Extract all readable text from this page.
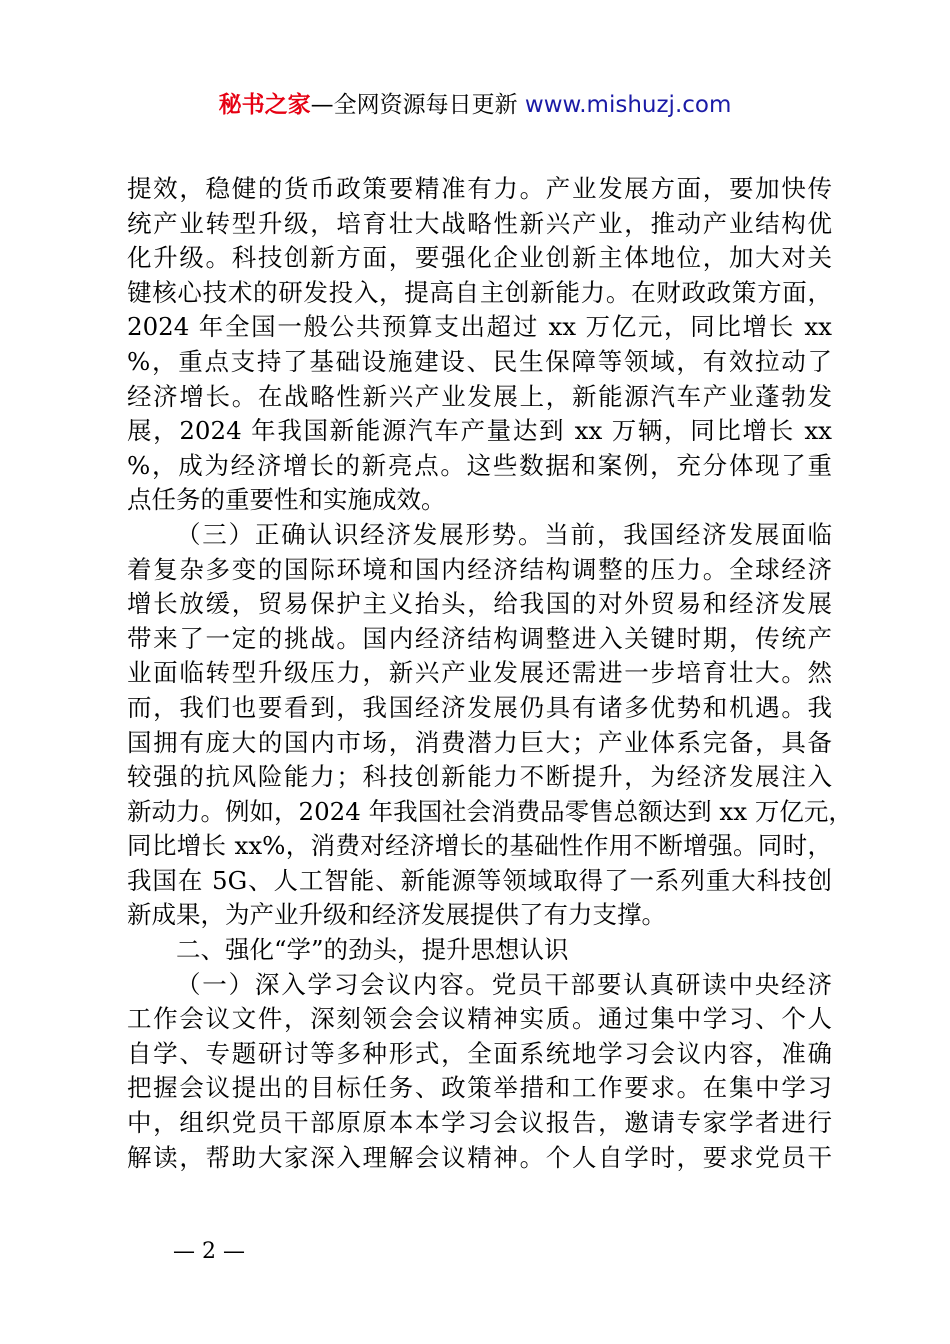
秘书之家—全网资源每日更新 www.mishuzj.com
提效，稳健的货币政策要精准有力。产业发展方面，要加快传
统产业转型升级，培育壮大战略性新兴产业，推动产业结构优
化升级。科技创新方面，要强化企业创新主体地位，加大对关
键核心技术的研发投入，提高自主创新能力。在财政政策方面，
2024 年全国一般公共预算支出超过 xx 万亿元，同比增长 xx
%，重点支持了基础设施建设、民生保障等领域，有效拉动了
经济增长。在战略性新兴产业发展上，新能源汽车产业蓬勃发
展，2024 年我国新能源汽车产量达到 xx 万辆，同比增长 xx
%，成为经济增长的新亮点。这些数据和案例，充分体现了重
点任务的重要性和实施成效。
（三）正确认识经济发展形势。当前，我国经济发展面临
着复杂多变的国际环境和国内经济结构调整的压力。全球经济
增长放缓，贸易保护主义抬头，给我国的对外贸易和经济发展
带来了一定的挑战。国内经济结构调整进入关键时期，传统产
业面临转型升级压力，新兴产业发展还需进一步培育壮大。然
而，我们也要看到，我国经济发展仍具有诸多优势和机遇。我
国拥有庞大的国内市场，消费潜力巨大；产业体系完备，具备
较强的抗风险能力；科技创新能力不断提升，为经济发展注入
新动力。例如，2024 年我国社会消费品零售总额达到 xx 万亿元，
同比增长 xx%，消费对经济增长的基础性作用不断增强。同时，
我国在 5G、人工智能、新能源等领域取得了一系列重大科技创
新成果，为产业升级和经济发展提供了有力支撑。
二、强化“学”的劲头，提升思想认识
（一）深入学习会议内容。党员干部要认真研读中央经济
工作会议文件，深刻领会会议精神实质。通过集中学习、个人
自学、专题研讨等多种形式，全面系统地学习会议内容，准确
把握会议提出的目标任务、政策举措和工作要求。在集中学习
中，组织党员干部原原本本学习会议报告，邀请专家学者进行
解读，帮助大家深入理解会议精神。个人自学时，要求党员干
— 2 —
